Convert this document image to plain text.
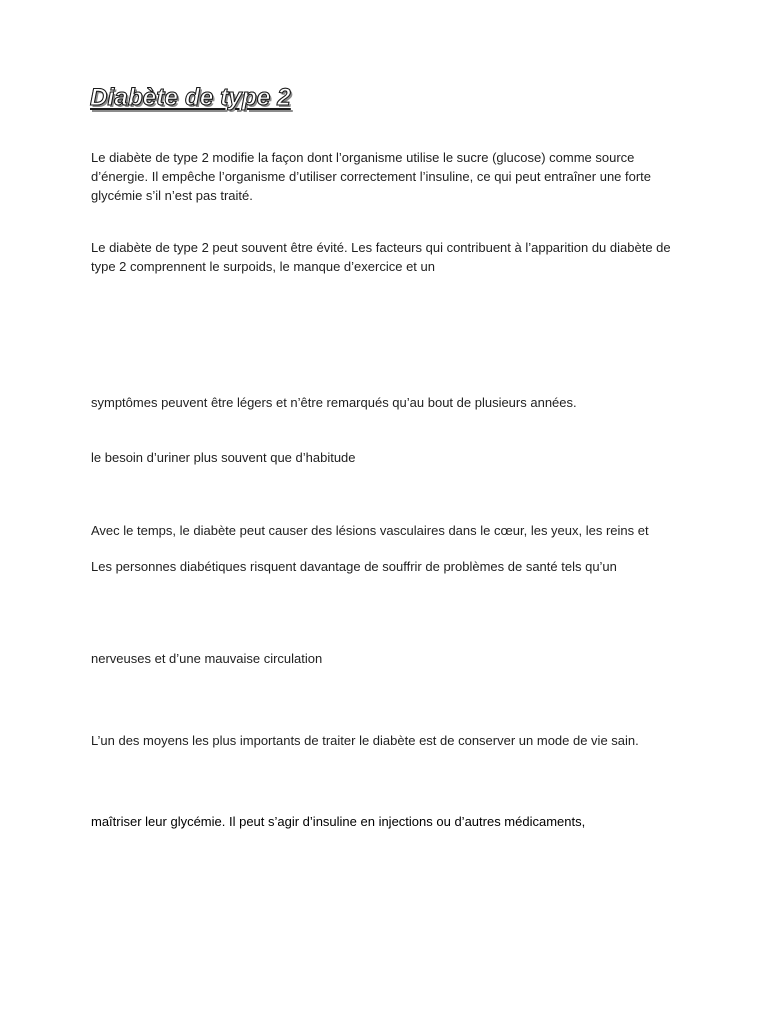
Diabète de type 2

Le diabète de type 2 modifie la façon dont l’organisme utilise le sucre (glucose) comme source d’énergie. Il empêche l’organisme d’utiliser correctement l’insuline, ce qui peut entraîner une forte glycémie s’il n’est pas traité.

Le diabète de type 2 peut souvent être évité. Les facteurs qui contribuent à l’apparition du diabète de type 2 comprennent le surpoids, le manque d’exercice et un

symptômes peuvent être légers et n’être remarqués qu’au bout de plusieurs années.

le besoin d’uriner plus souvent que d’habitude

Avec le temps, le diabète peut causer des lésions vasculaires dans le cœur, les yeux, les reins et

Les personnes diabétiques risquent davantage de souffrir de problèmes de santé tels qu’un

nerveuses et d’une mauvaise circulation

L’un des moyens les plus importants de traiter le diabète est de conserver un mode de vie sain.

maîtriser leur glycémie. Il peut s’agir d’insuline en injections ou d’autres médicaments,
